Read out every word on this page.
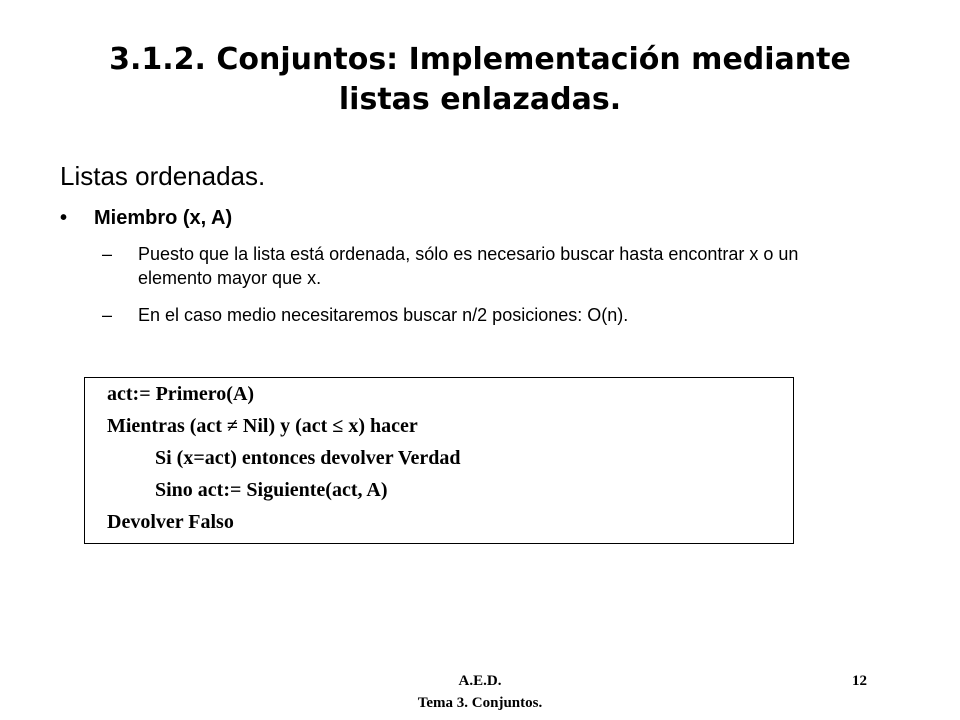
3.1.2. Conjuntos: Implementación mediante
listas enlazadas.
Listas ordenadas.
• Miembro (x, A)
– Puesto que la lista está ordenada, sólo es necesario buscar hasta encontrar x o un elemento mayor que x.
– En el caso medio necesitaremos buscar n/2 posiciones: O(n).
act:= Primero(A)
Mientras (act ≠ Nil) y (act ≤ x) hacer
Si (x=act) entonces devolver Verdad
Sino act:= Siguiente(act, A)
Devolver Falso
A.E.D.
Tema 3. Conjuntos.
12
